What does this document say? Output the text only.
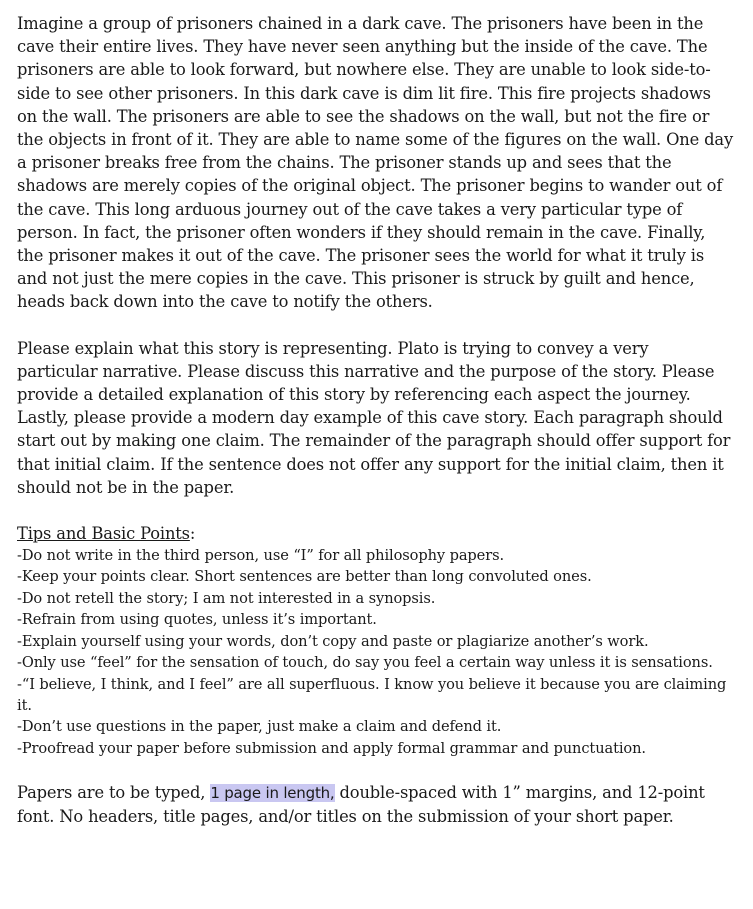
Imagine a group of prisoners chained in a dark cave. The prisoners have been in the cave their entire lives. They have never seen anything but the inside of the cave. The prisoners are able to look forward, but nowhere else. They are unable to look side-to-side to see other prisoners. In this dark cave is dim lit fire. This fire projects shadows on the wall. The prisoners are able to see the shadows on the wall, but not the fire or the objects in front of it. They are able to name some of the figures on the wall. One day a prisoner breaks free from the chains. The prisoner stands up and sees that the shadows are merely copies of the original object. The prisoner begins to wander out of the cave. This long arduous journey out of the cave takes a very particular type of person. In fact, the prisoner often wonders if they should remain in the cave. Finally, the prisoner makes it out of the cave. The prisoner sees the world for what it truly is and not just the mere copies in the cave. This prisoner is struck by guilt and hence, heads back down into the cave to notify the others.

Please explain what this story is representing. Plato is trying to convey a very particular narrative. Please discuss this narrative and the purpose of the story. Please provide a detailed explanation of this story by referencing each aspect the journey. Lastly, please provide a modern day example of this cave story. Each paragraph should start out by making one claim. The remainder of the paragraph should offer support for that initial claim. If the sentence does not offer any support for the initial claim, then it should not be in the paper.

Tips and Basic Points:

-Do not write in the third person, use “I” for all philosophy papers.
-Keep your points clear. Short sentences are better than long convoluted ones.
-Do not retell the story; I am not interested in a synopsis.
-Refrain from using quotes, unless it’s important.
-Explain yourself using your words, don’t copy and paste or plagiarize another’s work.
-Only use “feel” for the sensation of touch, do say you feel a certain way unless it is sensations.
-“I believe, I think, and I feel” are all superfluous. I know you believe it because you are claiming it.
-Don’t use questions in the paper, just make a claim and defend it.
-Proofread your paper before submission and apply formal grammar and punctuation.

Papers are to be typed, 1 page in length, double-spaced with 1” margins, and 12-point font. No headers, title pages, and/or titles on the submission of your short paper.
